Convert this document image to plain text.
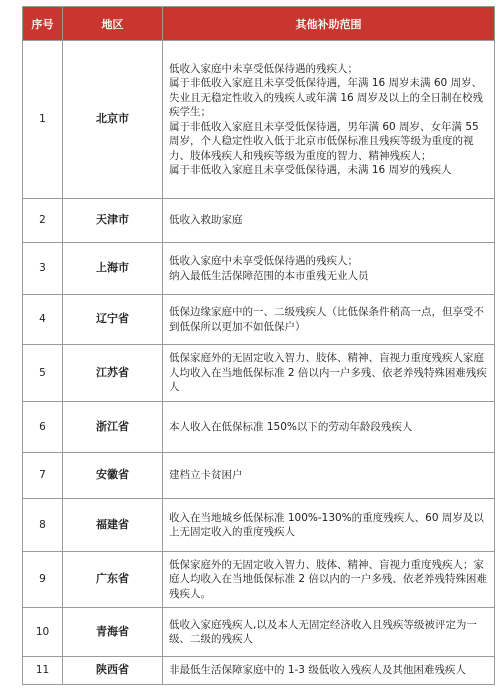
序号	地区	其他补助范围
1	北京市	低收入家庭中未享受低保待遇的残疾人；
属于非低收入家庭且未享受低保待遇，年满 16 周岁未满 60 周岁、失业且无稳定性收入的残疾人或年满 16 周岁及以上的全日制在校残疾学生；
属于非低收入家庭且未享受低保待遇，男年满 60 周岁、女年满 55 周岁，个人稳定性收入低于北京市低保标准且残疾等级为重度的视力、肢体残疾人和残疾等级为重度的智力、精神残疾人；
属于非低收入家庭且未享受低保待遇，未满 16 周岁的残疾人

2	天津市	低收入救助家庭

3	上海市	低收入家庭中未享受低保待遇的残疾人；
纳入最低生活保障范围的本市重残无业人员

4	辽宁省	低保边缘家庭中的一、二级残疾人（比低保条件稍高一点，但享受不到低保所以更加不如低保户）

5	江苏省	低保家庭外的无固定收入智力、肢体、精神、盲视力重度残疾人家庭人均收入在当地低保标准 2 倍以内一户多残、依老养残特殊困难残疾人

6	浙江省	本人收入在低保标准 150%以下的劳动年龄段残疾人

7	安徽省	建档立卡贫困户

8	福建省	收入在当地城乡低保标准 100%-130%的重度残疾人、60 周岁及以上无固定收入的重度残疾人

9	广东省	低保家庭外的无固定收入智力、肢体、精神、盲视力重度残疾人；家庭人均收入在当地低保标准 2 倍以内的一户多残、依老养残特殊困难残疾人。

10	青海省	低收入家庭残疾人,以及本人无固定经济收入且残疾等级被评定为一级、二级的残疾人

11	陕西省	非最低生活保障家庭中的 1-3 级低收入残疾人及其他困难残疾人
